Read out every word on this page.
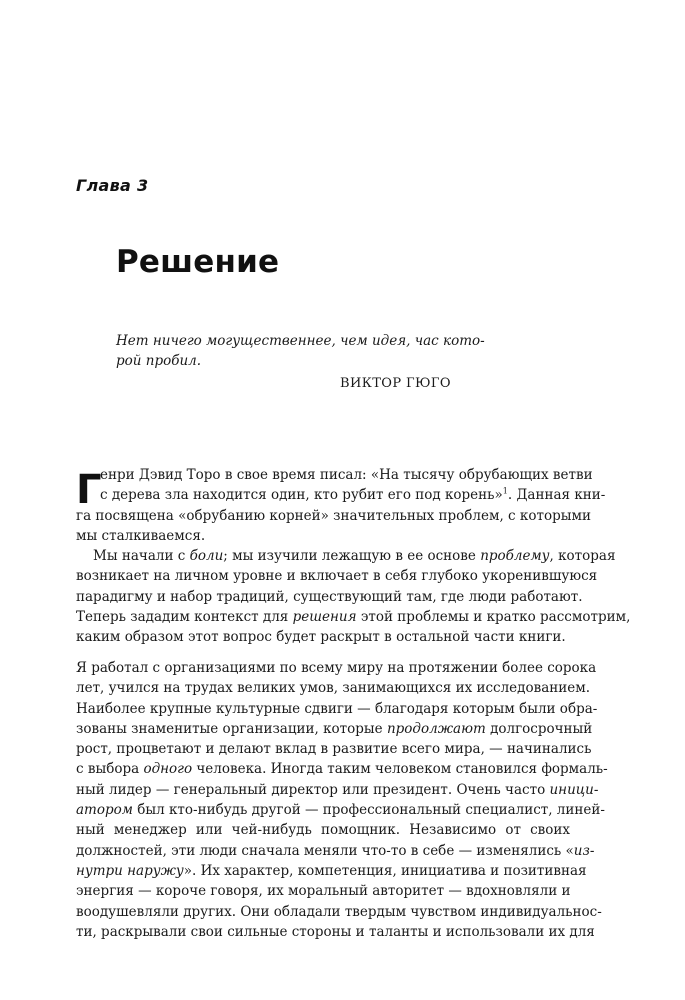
Глава 3
Решение
Нет ничего могущественнее, чем идея, час кото-
рой пробил.
ВИКТОР ГЮГО
Г
енри Дэвид Торо в свое время писал: «На тысячу обрубающих ветви
с дерева зла находится один, кто рубит его под корень»$^1$. Данная кни-
га посвящена «обрубанию корней» значительных проблем, с которыми
мы сталкиваемся.
Мы начали с боли; мы изучили лежащую в ее основе проблему, которая
возникает на личном уровне и включает в себя глубоко укоренившуюся
парадигму и набор традиций, существующий там, где люди работают.
Теперь зададим контекст для решения этой проблемы и кратко рассмотрим,
каким образом этот вопрос будет раскрыт в остальной части книги.
Я работал с организациями по всему миру на протяжении более сорока
лет, учился на трудах великих умов, занимающихся их исследованием.
Наиболее крупные культурные сдвиги — благодаря которым были обра-
зованы знаменитые организации, которые продолжают долгосрочный
рост, процветают и делают вклад в развитие всего мира, — начинались
с выбора одного человека. Иногда таким человеком становился формаль-
ный лидер — генеральный директор или президент. Очень часто иници-
атором был кто-нибудь другой — профессиональный специалист, линей-
ный менеджер или чей-нибудь помощник. Независимо от своих
должностей, эти люди сначала меняли что-то в себе — изменялись «из-
нутри наружу». Их характер, компетенция, инициатива и позитивная
энергия — короче говоря, их моральный авторитет — вдохновляли и
воодушевляли других. Они обладали твердым чувством индивидуальнос-
ти, раскрывали свои сильные стороны и таланты и использовали их для
